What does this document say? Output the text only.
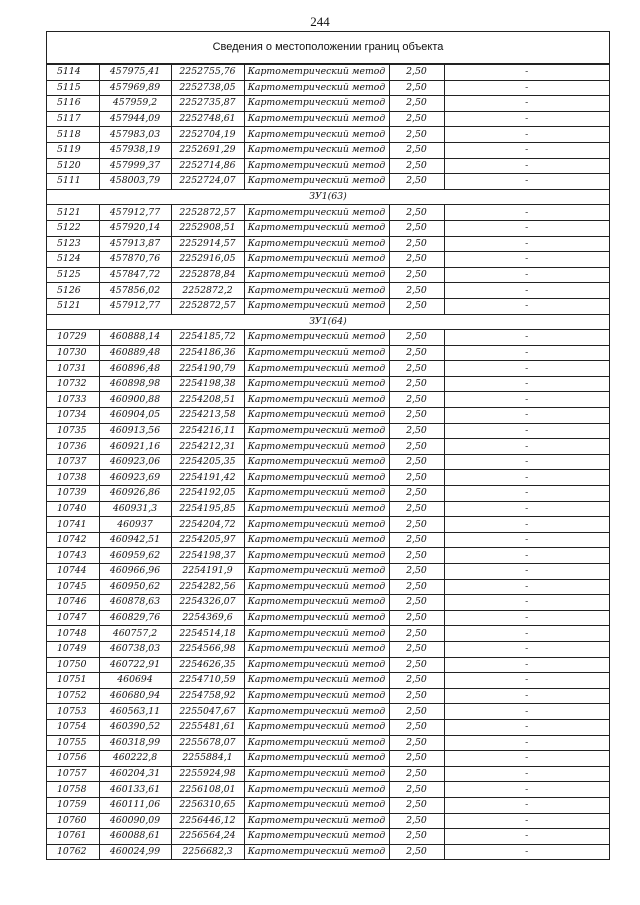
244
Сведения о местоположении границ объекта
5114	457975,41	2252755,76	Картометрический метод	2,50	-
5115	457969,89	2252738,05	Картометрический метод	2,50	-
5116	457959,2	2252735,87	Картометрический метод	2,50	-
5117	457944,09	2252748,61	Картометрический метод	2,50	-
5118	457983,03	2252704,19	Картометрический метод	2,50	-
5119	457938,19	2252691,29	Картометрический метод	2,50	-
5120	457999,37	2252714,86	Картометрический метод	2,50	-
5111	458003,79	2252724,07	Картометрический метод	2,50	-
ЗУ1(63)					
5121	457912,77	2252872,57	Картометрический метод	2,50	-
5122	457920,14	2252908,51	Картометрический метод	2,50	-
5123	457913,87	2252914,57	Картометрический метод	2,50	-
5124	457870,76	2252916,05	Картометрический метод	2,50	-
5125	457847,72	2252878,84	Картометрический метод	2,50	-
5126	457856,02	2252872,2	Картометрический метод	2,50	-
5121	457912,77	2252872,57	Картометрический метод	2,50	-
ЗУ1(64)					
10729	460888,14	2254185,72	Картометрический метод	2,50	-
10730	460889,48	2254186,36	Картометрический метод	2,50	-
10731	460896,48	2254190,79	Картометрический метод	2,50	-
10732	460898,98	2254198,38	Картометрический метод	2,50	-
10733	460900,88	2254208,51	Картометрический метод	2,50	-
10734	460904,05	2254213,58	Картометрический метод	2,50	-
10735	460913,56	2254216,11	Картометрический метод	2,50	-
10736	460921,16	2254212,31	Картометрический метод	2,50	-
10737	460923,06	2254205,35	Картометрический метод	2,50	-
10738	460923,69	2254191,42	Картометрический метод	2,50	-
10739	460926,86	2254192,05	Картометрический метод	2,50	-
10740	460931,3	2254195,85	Картометрический метод	2,50	-
10741	460937	2254204,72	Картометрический метод	2,50	-
10742	460942,51	2254205,97	Картометрический метод	2,50	-
10743	460959,62	2254198,37	Картометрический метод	2,50	-
10744	460966,96	2254191,9	Картометрический метод	2,50	-
10745	460950,62	2254282,56	Картометрический метод	2,50	-
10746	460878,63	2254326,07	Картометрический метод	2,50	-
10747	460829,76	2254369,6	Картометрический метод	2,50	-
10748	460757,2	2254514,18	Картометрический метод	2,50	-
10749	460738,03	2254566,98	Картометрический метод	2,50	-
10750	460722,91	2254626,35	Картометрический метод	2,50	-
10751	460694	2254710,59	Картометрический метод	2,50	-
10752	460680,94	2254758,92	Картометрический метод	2,50	-
10753	460563,11	2255047,67	Картометрический метод	2,50	-
10754	460390,52	2255481,61	Картометрический метод	2,50	-
10755	460318,99	2255678,07	Картометрический метод	2,50	-
10756	460222,8	2255884,1	Картометрический метод	2,50	-
10757	460204,31	2255924,98	Картометрический метод	2,50	-
10758	460133,61	2256108,01	Картометрический метод	2,50	-
10759	460111,06	2256310,65	Картометрический метод	2,50	-
10760	460090,09	2256446,12	Картометрический метод	2,50	-
10761	460088,61	2256564,24	Картометрический метод	2,50	-
10762	460024,99	2256682,3	Картометрический метод	2,50	-
